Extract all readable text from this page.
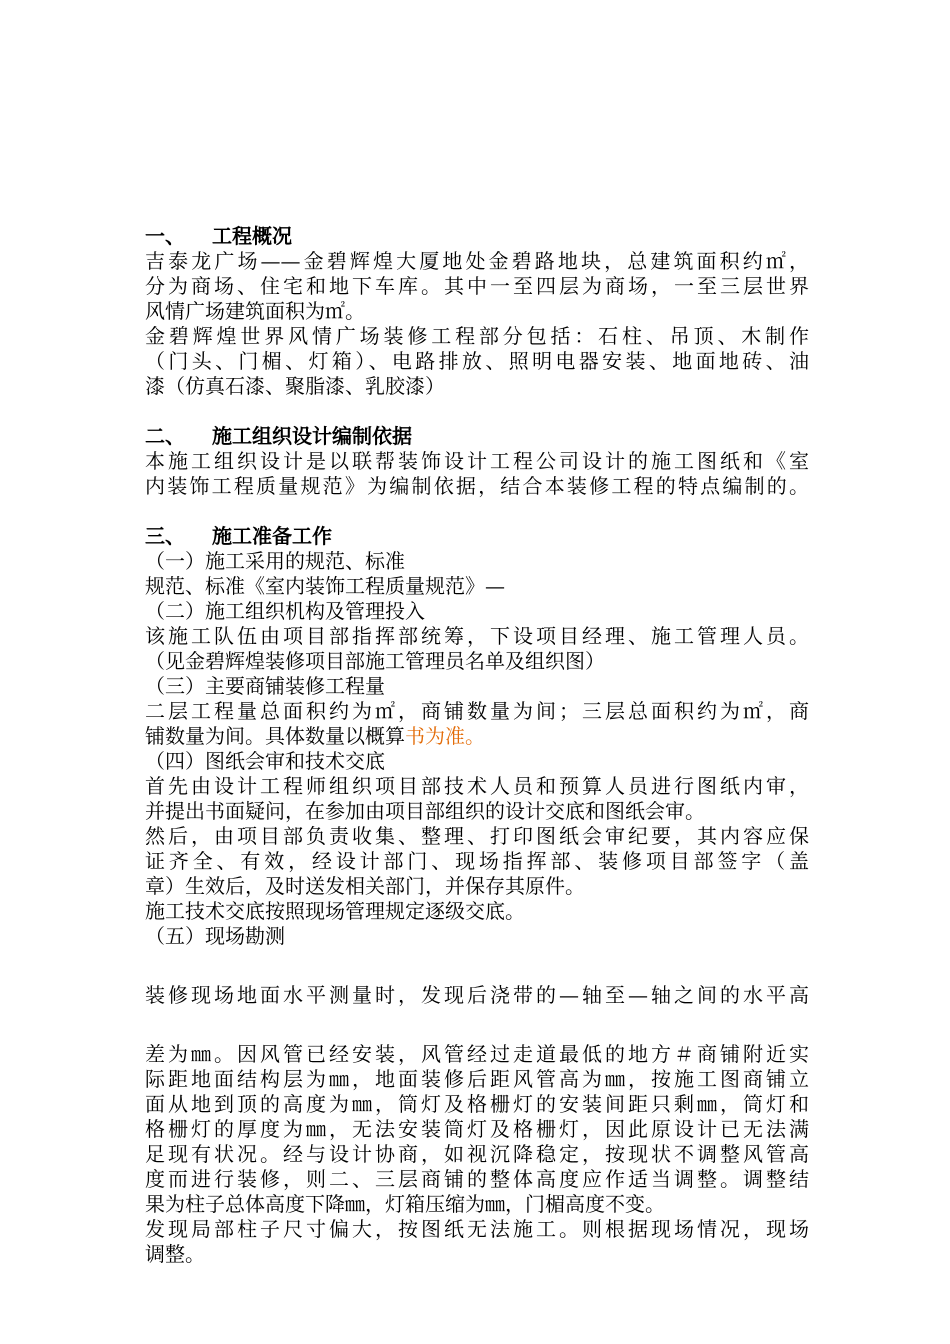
一、 工程概况
吉泰龙广场——金碧辉煌大厦地处金碧路地块，总建筑面积约㎡，
分为商场、住宅和地下车库。其中一至四层为商场，一至三层世界
风情广场建筑面积为㎡。
金碧辉煌世界风情广场装修工程部分包括：石柱、吊顶、木制作
（门头、门楣、灯箱）、电路排放、照明电器安装、地面地砖、油
漆（仿真石漆、聚脂漆、乳胶漆）
二、 施工组织设计编制依据
本施工组织设计是以联帮装饰设计工程公司设计的施工图纸和《室
内装饰工程质量规范》为编制依据，结合本装修工程的特点编制的。
三、 施工准备工作
（一）施工采用的规范、标准
规范、标准《室内装饰工程质量规范》—
（二）施工组织机构及管理投入
该施工队伍由项目部指挥部统筹，下设项目经理、施工管理人员。
（见金碧辉煌装修项目部施工管理员名单及组织图）
（三）主要商铺装修工程量
二层工程量总面积约为㎡，商铺数量为间；三层总面积约为㎡，商
铺数量为间。具体数量以概算书为准。
（四）图纸会审和技术交底
首先由设计工程师组织项目部技术人员和预算人员进行图纸内审，
并提出书面疑问，在参加由项目部组织的设计交底和图纸会审。
然后，由项目部负责收集、整理、打印图纸会审纪要，其内容应保
证齐全、有效，经设计部门、现场指挥部、装修项目部签字（盖
章）生效后，及时送发相关部门，并保存其原件。
施工技术交底按照现场管理规定逐级交底。
（五）现场勘测
装修现场地面水平测量时，发现后浇带的—轴至—轴之间的水平高
差为㎜。因风管已经安装，风管经过走道最低的地方＃商铺附近实
际距地面结构层为㎜，地面装修后距风管高为㎜，按施工图商铺立
面从地到顶的高度为㎜，筒灯及格栅灯的安装间距只剩㎜，筒灯和
格栅灯的厚度为㎜，无法安装筒灯及格栅灯，因此原设计已无法满
足现有状况。经与设计协商，如视沉降稳定，按现状不调整风管高
度而进行装修，则二、三层商铺的整体高度应作适当调整。调整结
果为柱子总体高度下降㎜，灯箱压缩为㎜，门楣高度不变。
发现局部柱子尺寸偏大，按图纸无法施工。则根据现场情况，现场
调整。
